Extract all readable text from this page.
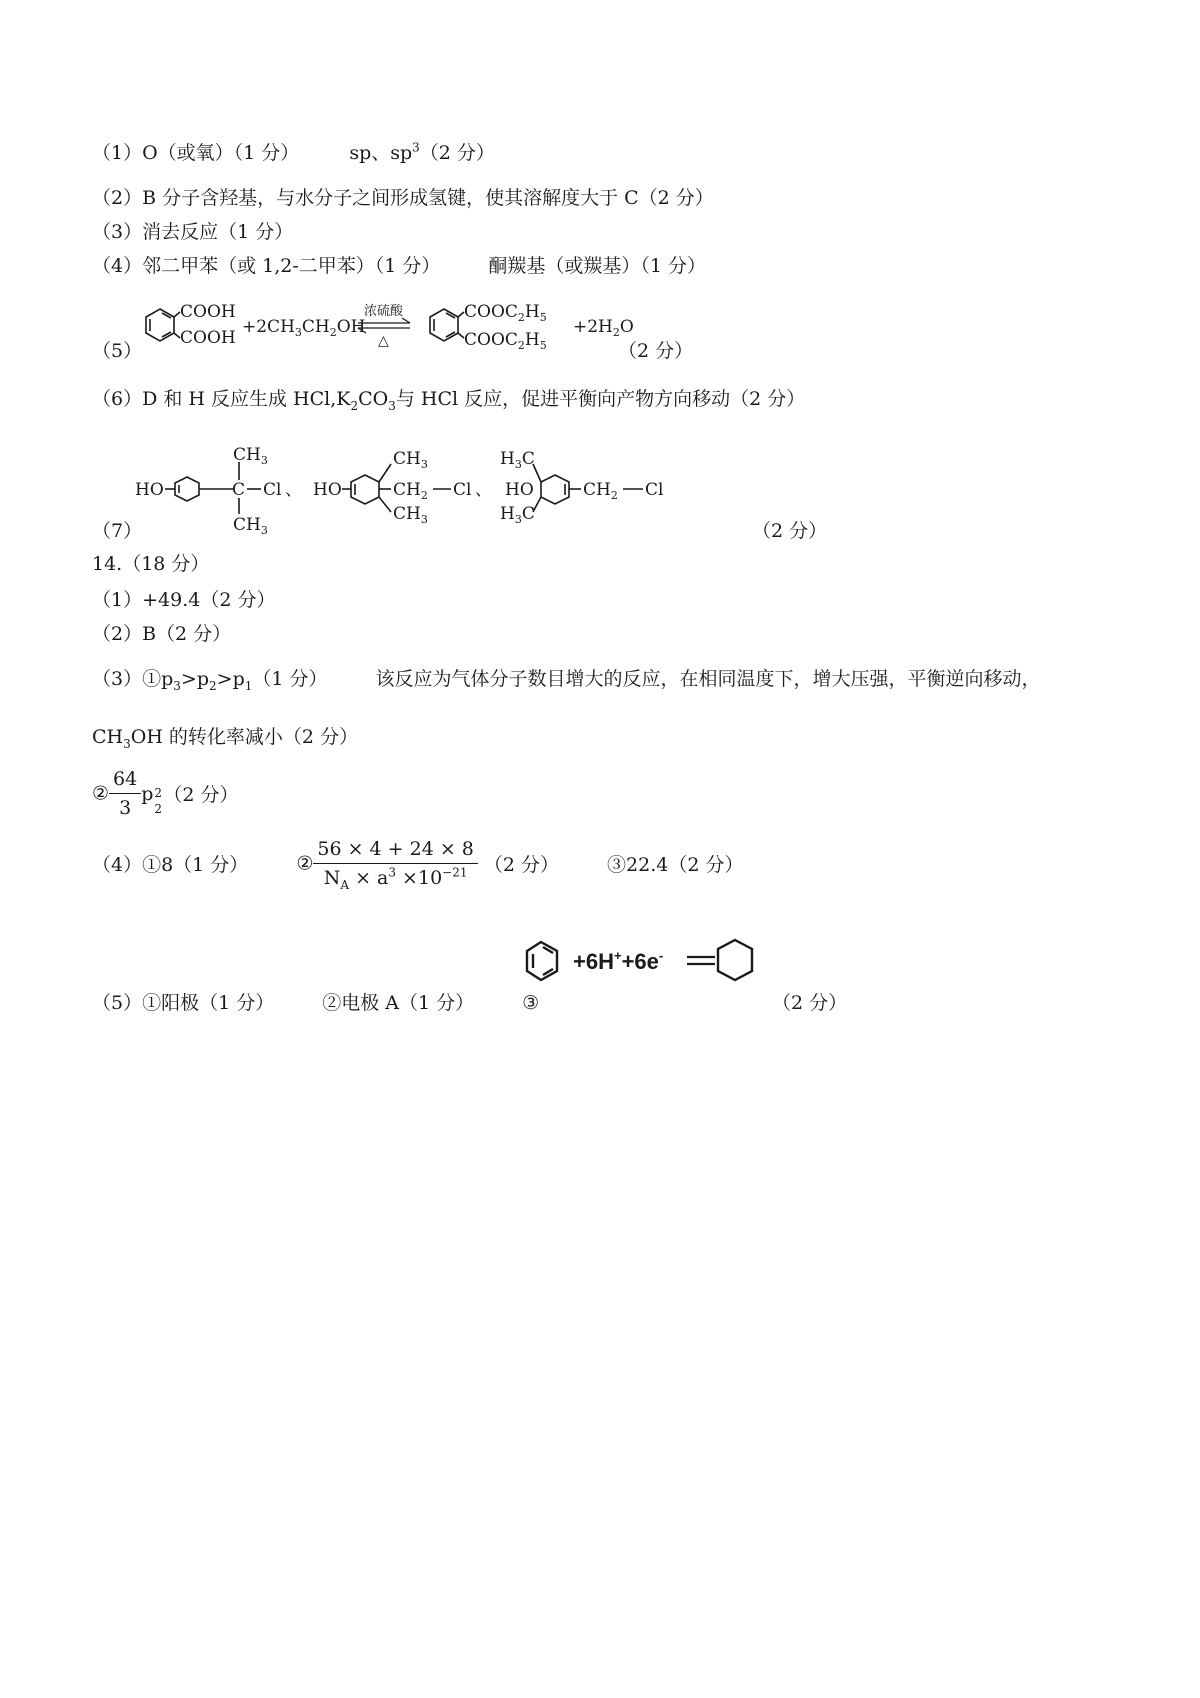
（1）O（或氧）（1 分）	sp、$sp^3(2$ 分）
（2）B 分子含羟基，与水分子之间形成氢键，使其溶解度大于 C（2 分）
（3）消去反应（1 分）
（4）邻二甲苯（或 1,2-二甲苯）（1 分）	酮羰基（或羰基）（1 分）
（5）
COOH
COOH
$+2CH_3CH_2OH$
浓硫酸
△
$COOC_2H_5$
$COOC_2H_5$
$+2H_2O$
（2 分）
（6）D 和 H 反应生成 $HCl,K_2CO_3$与 HCl 反应，促进平衡向产物方向移动（2 分）
（7）
HO	C Cl
$CH_3$
$CH_3$
、 HO
$CH_3$
$CH_3$
$CH_2$ Cl 、 HO
$H_3C$
$H_3C$
$CH_2$ Cl
（2 分）
14.（18 分）
（1）+49.4（2 分）
（2）B（2 分）
$(3)①p_3>p_2>p_1(1$ 分）	该反应为气体分子数目增大的反应，在相同温度下，增大压强，平衡逆向移动，
$CH_3OH$ 的转化率减小（2 分）
② $\frac{64}{3}$ p 2
2
（2 分）
（4）①8（1 分）	② $\frac{56 \times 4 + 24 \times 8}{N_A \times a^3 \times 10^{-21}} (2$ 分）	③22.4（2 分）
（5）①阳极（1 分）	②电极 A（1 分）	③
+6H++6e-
（2 分）
